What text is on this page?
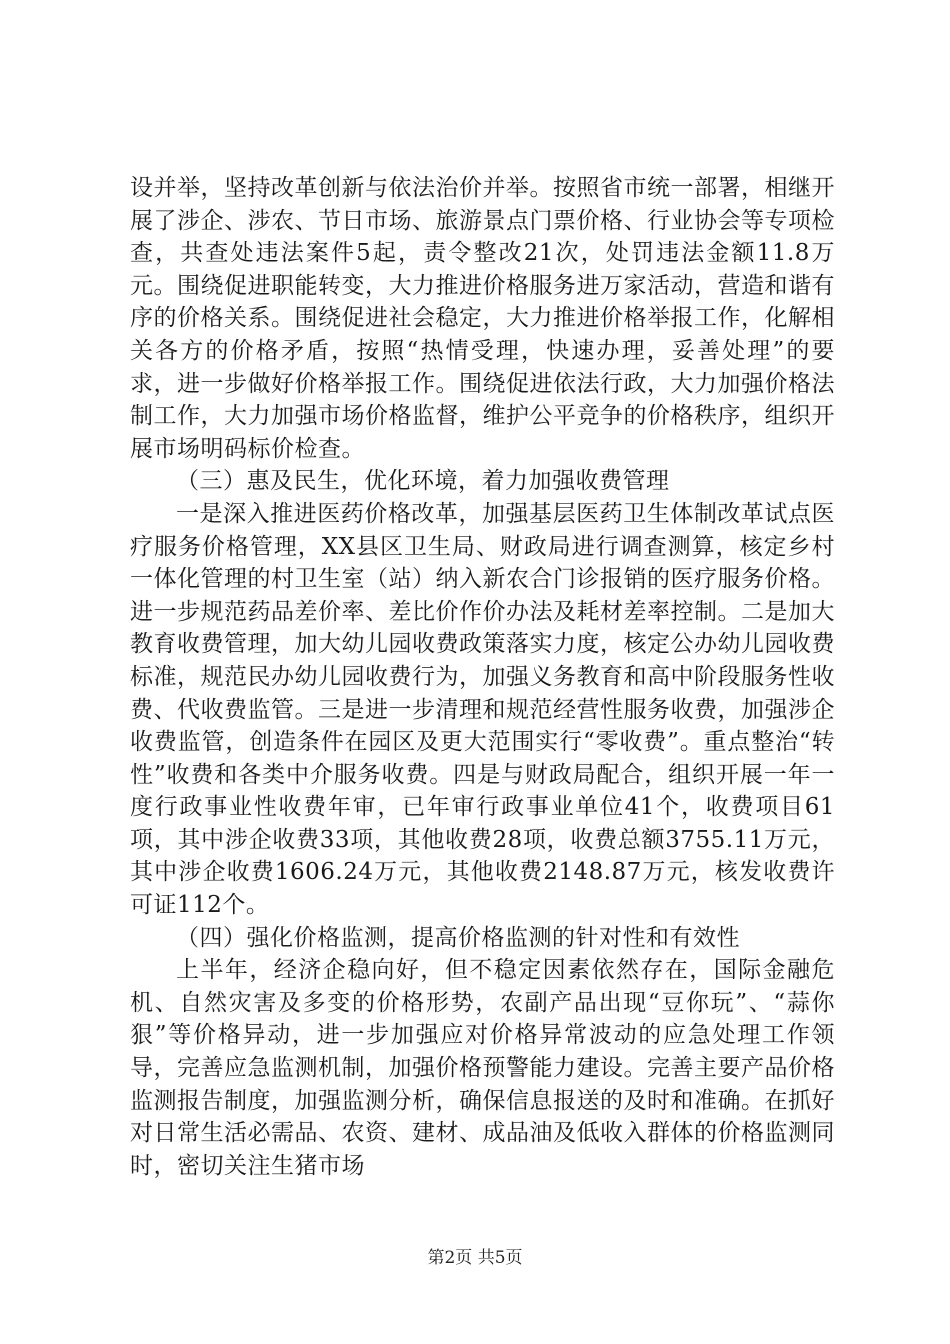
设并举，坚持改革创新与依法治价并举。按照省市统一部署，相继开展了涉企、涉农、节日市场、旅游景点门票价格、行业协会等专项检查，共查处违法案件5起，责令整改21次，处罚违法金额11.8万元。围绕促进职能转变，大力推进价格服务进万家活动，营造和谐有序的价格关系。围绕促进社会稳定，大力推进价格举报工作，化解相关各方的价格矛盾，按照“热情受理，快速办理，妥善处理”的要求，进一步做好价格举报工作。围绕促进依法行政，大力加强价格法制工作，大力加强市场价格监督，维护公平竞争的价格秩序，组织开展市场明码标价检查。

（三）惠及民生，优化环境，着力加强收费管理

一是深入推进医药价格改革，加强基层医药卫生体制改革试点医疗服务价格管理，XX县区卫生局、财政局进行调查测算，核定乡村一体化管理的村卫生室（站）纳入新农合门诊报销的医疗服务价格。进一步规范药品差价率、差比价作价办法及耗材差率控制。二是加大教育收费管理，加大幼儿园收费政策落实力度，核定公办幼儿园收费标准，规范民办幼儿园收费行为，加强义务教育和高中阶段服务性收费、代收费监管。三是进一步清理和规范经营性服务收费，加强涉企收费监管，创造条件在园区及更大范围实行“零收费”。重点整治“转性”收费和各类中介服务收费。四是与财政局配合，组织开展一年一度行政事业性收费年审，已年审行政事业单位41个，收费项目61项，其中涉企收费33项，其他收费28项，收费总额3755.11万元，其中涉企收费1606.24万元，其他收费2148.87万元，核发收费许可证112个。

（四）强化价格监测，提高价格监测的针对性和有效性

上半年，经济企稳向好，但不稳定因素依然存在，国际金融危机、自然灾害及多变的价格形势，农副产品出现“豆你玩”、“蒜你狠”等价格异动，进一步加强应对价格异常波动的应急处理工作领导，完善应急监测机制，加强价格预警能力建设。完善主要产品价格监测报告制度，加强监测分析，确保信息报送的及时和准确。在抓好对日常生活必需品、农资、建材、成品油及低收入群体的价格监测同时，密切关注生猪市场

第2页 共5页
